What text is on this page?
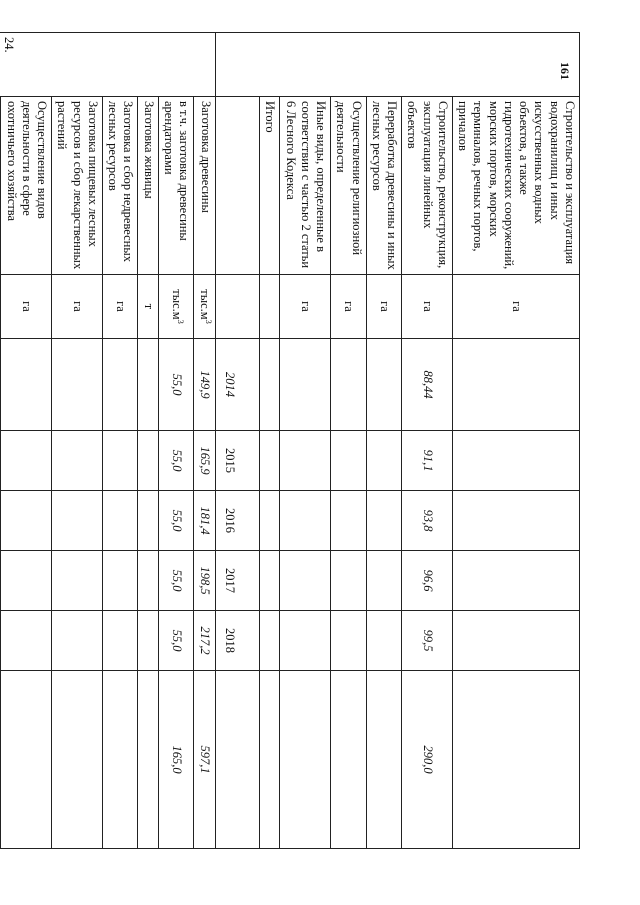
	Строительство и эксплуатация водохранилищ и иных искусственных водных объектов, а также гидротехнических сооружений, морских портов, морских терминалов, речных портов, причалов	га						
	Строительство, реконструкция, эксплуатация линейных объектов	га	88,44	91,1	93,8	96,6	99,5	290,0
	Переработка древесины и иных лесных ресурсов	га						
	Осуществление религиозной деятельности	га						
	Иные виды, определенные в соответствии с частью 2 статьи 6 Лесного Кодекса	га						
	Итого							
			2014	2015	2016	2017	2018	
24.	Заготовка древесины	$тыс.м^3$	149,9	165,9	181,4	198,5	217,2	597,1
	в т.ч. заготовка древесины арендаторами	$тыс.м^3$	55,0	55,0	55,0	55,0	55,0	165,0
	Заготовка живицы	т						
	Заготовка и сбор недревесных лесных ресурсов	га						
	Заготовка пищевых лесных ресурсов и сбор лекарственных растений	га						
	Осуществление видов деятельности в сфере охотничьего хозяйства	га						

161
